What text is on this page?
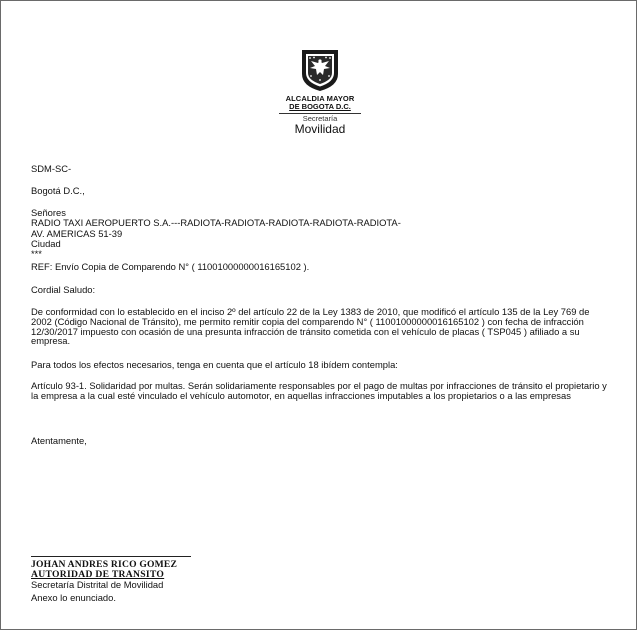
ALCALDIA MAYOR
DE BOGOTA D.C.
Secretaría
Movilidad
SDM-SC-
Bogotá D.C.,
Señores
RADIO TAXI AEROPUERTO S.A.---RADIOTA-RADIOTA-RADIOTA-RADIOTA-RADIOTA-
AV. AMERICAS 51-39
Ciudad
***
REF: Envío Copia de Comparendo N° ( 11001000000016165102 ).
Cordial Saludo:
De conformidad con lo establecido en el inciso 2º del artículo 22 de la Ley 1383 de 2010, que modificó el artículo 135 de la Ley 769 de 2002 (Código Nacional de Tránsito), me permito remitir copia del comparendo N° ( 11001000000016165102 ) con fecha de infracción 12/30/2017 impuesto con ocasión de una presunta infracción de tránsito cometida con el vehículo de placas ( TSP045 ) afiliado a su empresa.
Para todos los efectos necesarios, tenga en cuenta que el artículo 18 ibídem contempla:
Artículo 93-1. Solidaridad por multas. Serán solidariamente responsables por el pago de multas por infracciones de tránsito el propietario y la empresa a la cual esté vinculado el vehículo automotor, en aquellas infracciones imputables a los propietarios o a las empresas
Atentamente,
JOHAN ANDRES RICO GOMEZ
AUTORIDAD DE TRANSITO
Secretaría Distrital de Movilidad
Anexo lo enunciado.
